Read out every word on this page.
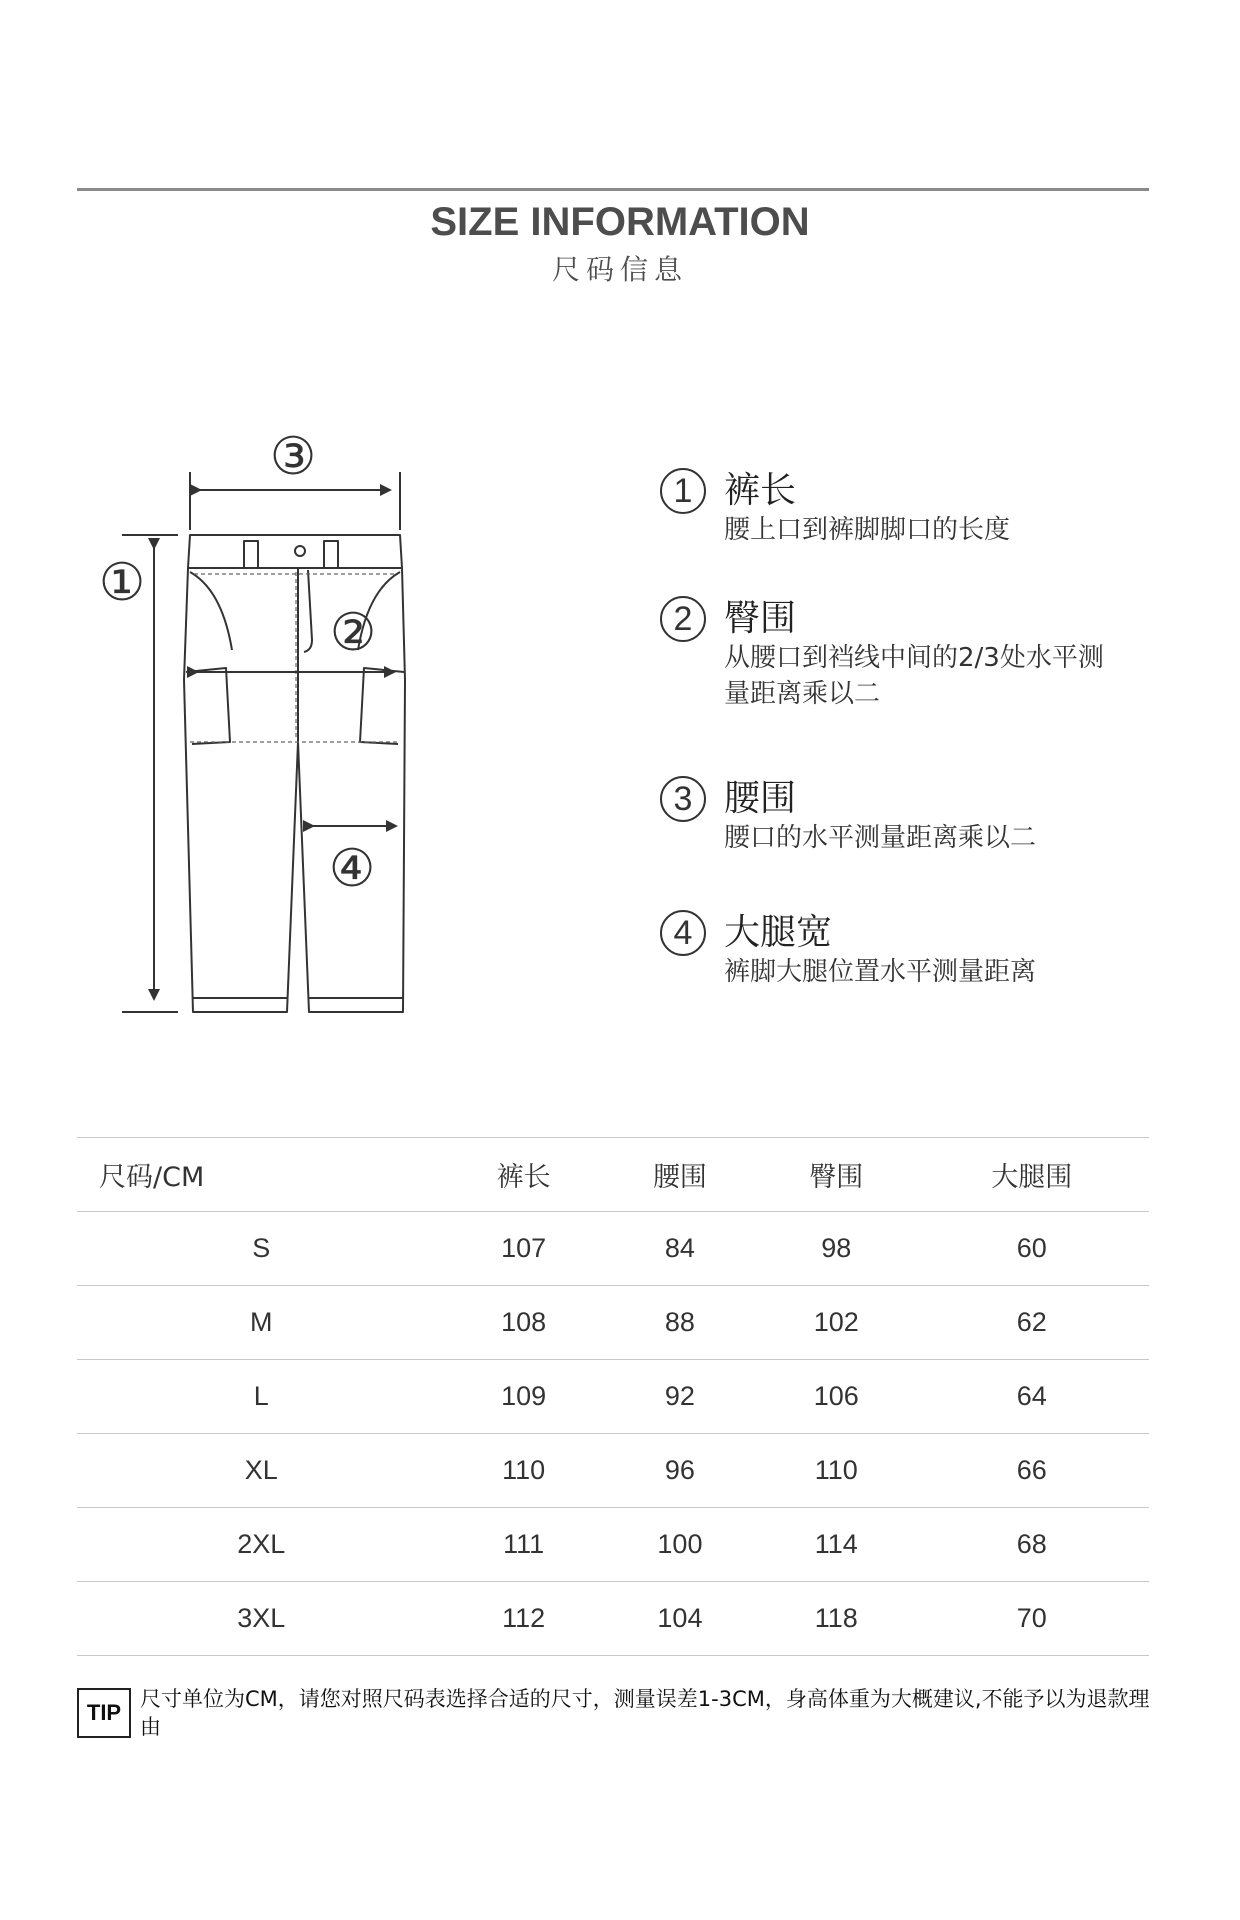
SIZE INFORMATION
尺码信息
①
②
③
④
1 裤长
腰上口到裤脚脚口的长度
2 臀围
从腰口到裆线中间的2/3处水平测量距离乘以二
3 腰围
腰口的水平测量距离乘以二
4 大腿宽
裤脚大腿位置水平测量距离
尺码/CM	裤长	腰围	臀围	大腿围
S	107	84	98	60
M	108	88	102	62
L	109	92	106	64
XL	110	96	110	66
2XL	111	100	114	68
3XL	112	104	118	70
TIP
尺寸单位为CM，请您对照尺码表选择合适的尺寸，测量误差1-3CM，身高体重为大概建议,不能予以为退款理由
